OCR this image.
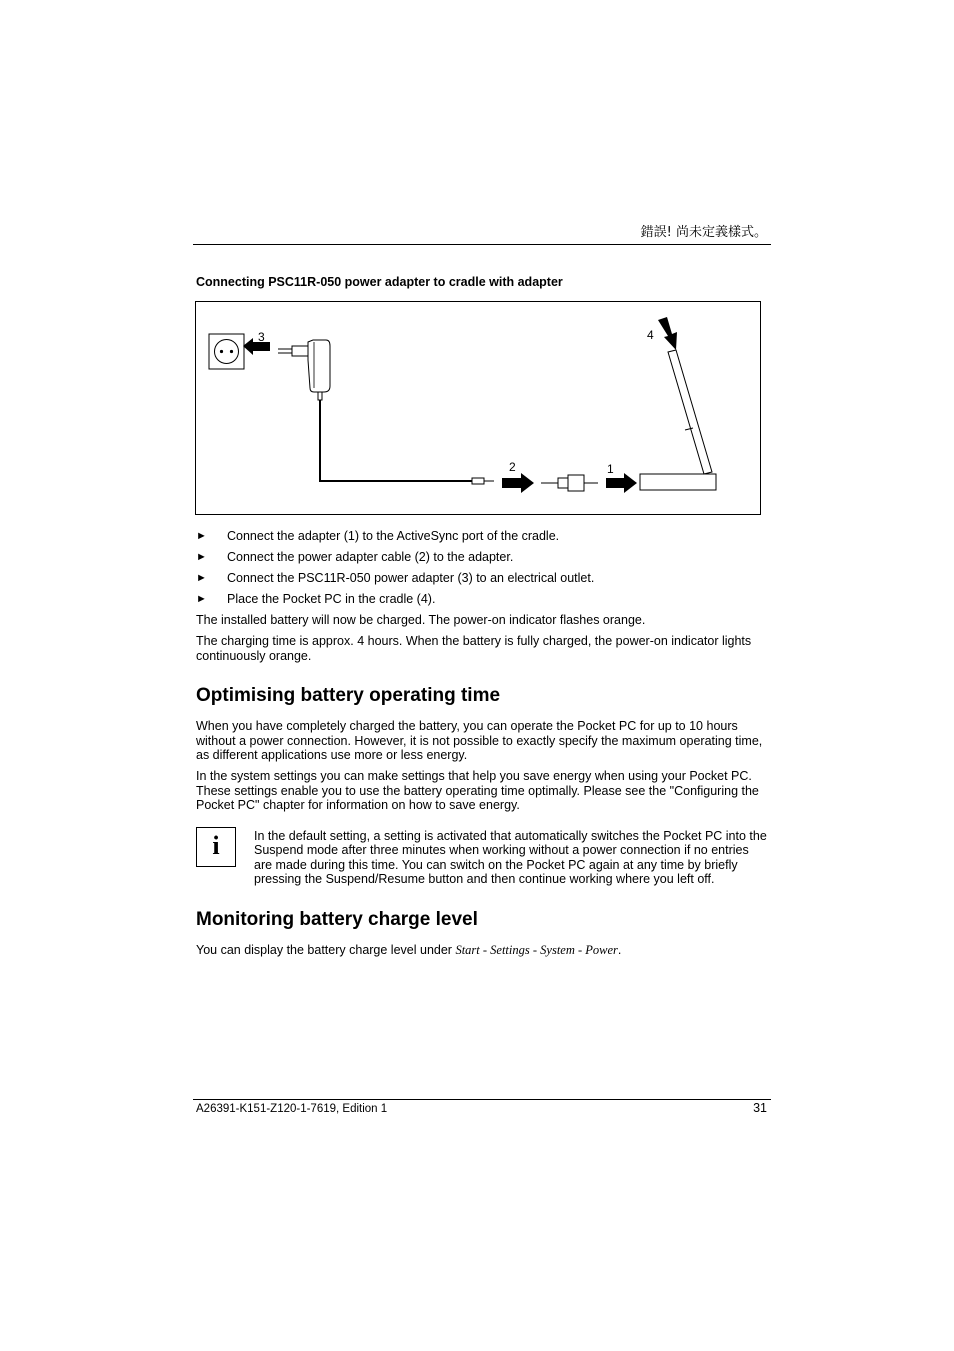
錯誤! 尚未定義樣式。
Connecting PSC11R-050 power adapter to cradle with adapter
3
2	1
4
► Connect the adapter (1) to the ActiveSync port of the cradle.
► Connect the power adapter cable (2) to the adapter.
► Connect the PSC11R-050 power adapter (3) to an electrical outlet.
► Place the Pocket PC in the cradle (4).

The installed battery will now be charged. The power-on indicator flashes orange.

The charging time is approx. 4 hours. When the battery is fully charged, the power-on indicator lights continuously orange.

Optimising battery operating time

When you have completely charged the battery, you can operate the Pocket PC for up to 10 hours without a power connection. However, it is not possible to exactly specify the maximum operating time, as different applications use more or less energy.

In the system settings you can make settings that help you save energy when using your Pocket PC. These settings enable you to use the battery operating time optimally. Please see the "Configuring the Pocket PC" chapter for information on how to save energy.

i	In the default setting, a setting is activated that automatically switches the Pocket PC into the Suspend mode after three minutes when working without a power connection if no entries are made during this time. You can switch on the Pocket PC again at any time by briefly pressing the Suspend/Resume button and then continue working where you left off.
Monitoring battery charge level

You can display the battery charge level under Start - Settings - System - Power.

A26391-K151-Z120-1-7619, Edition 1	31
